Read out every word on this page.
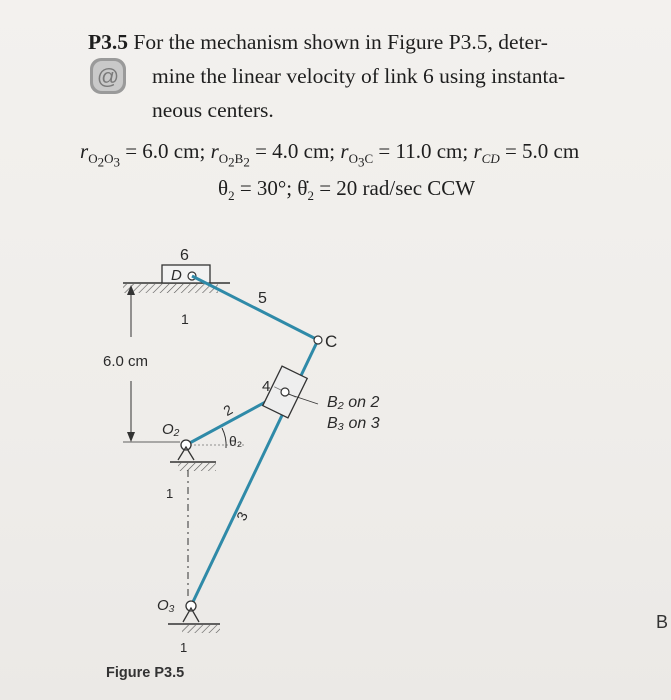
@
P3.5 For the mechanism shown in Figure P3.5, deter-
mine the linear velocity of link 6 using instanta-
neous centers.
$r_{O_2O_3} = 6.0$ cm; $r_{O_2B_2} = 4.0$ cm; $r_{O_3C} = 11.0$ cm; $r_{CD} = 5.0$ cm
$\theta_2 = 30^\circ$; $\thetȧ_2 = 20$ rad/sec CCW
D
6
1
6.0 cm
5
3
C
2
θ₂
4
B₂ on 2
B₃ on 3
O₂
1
O₃
1
Figure P3.5
B
